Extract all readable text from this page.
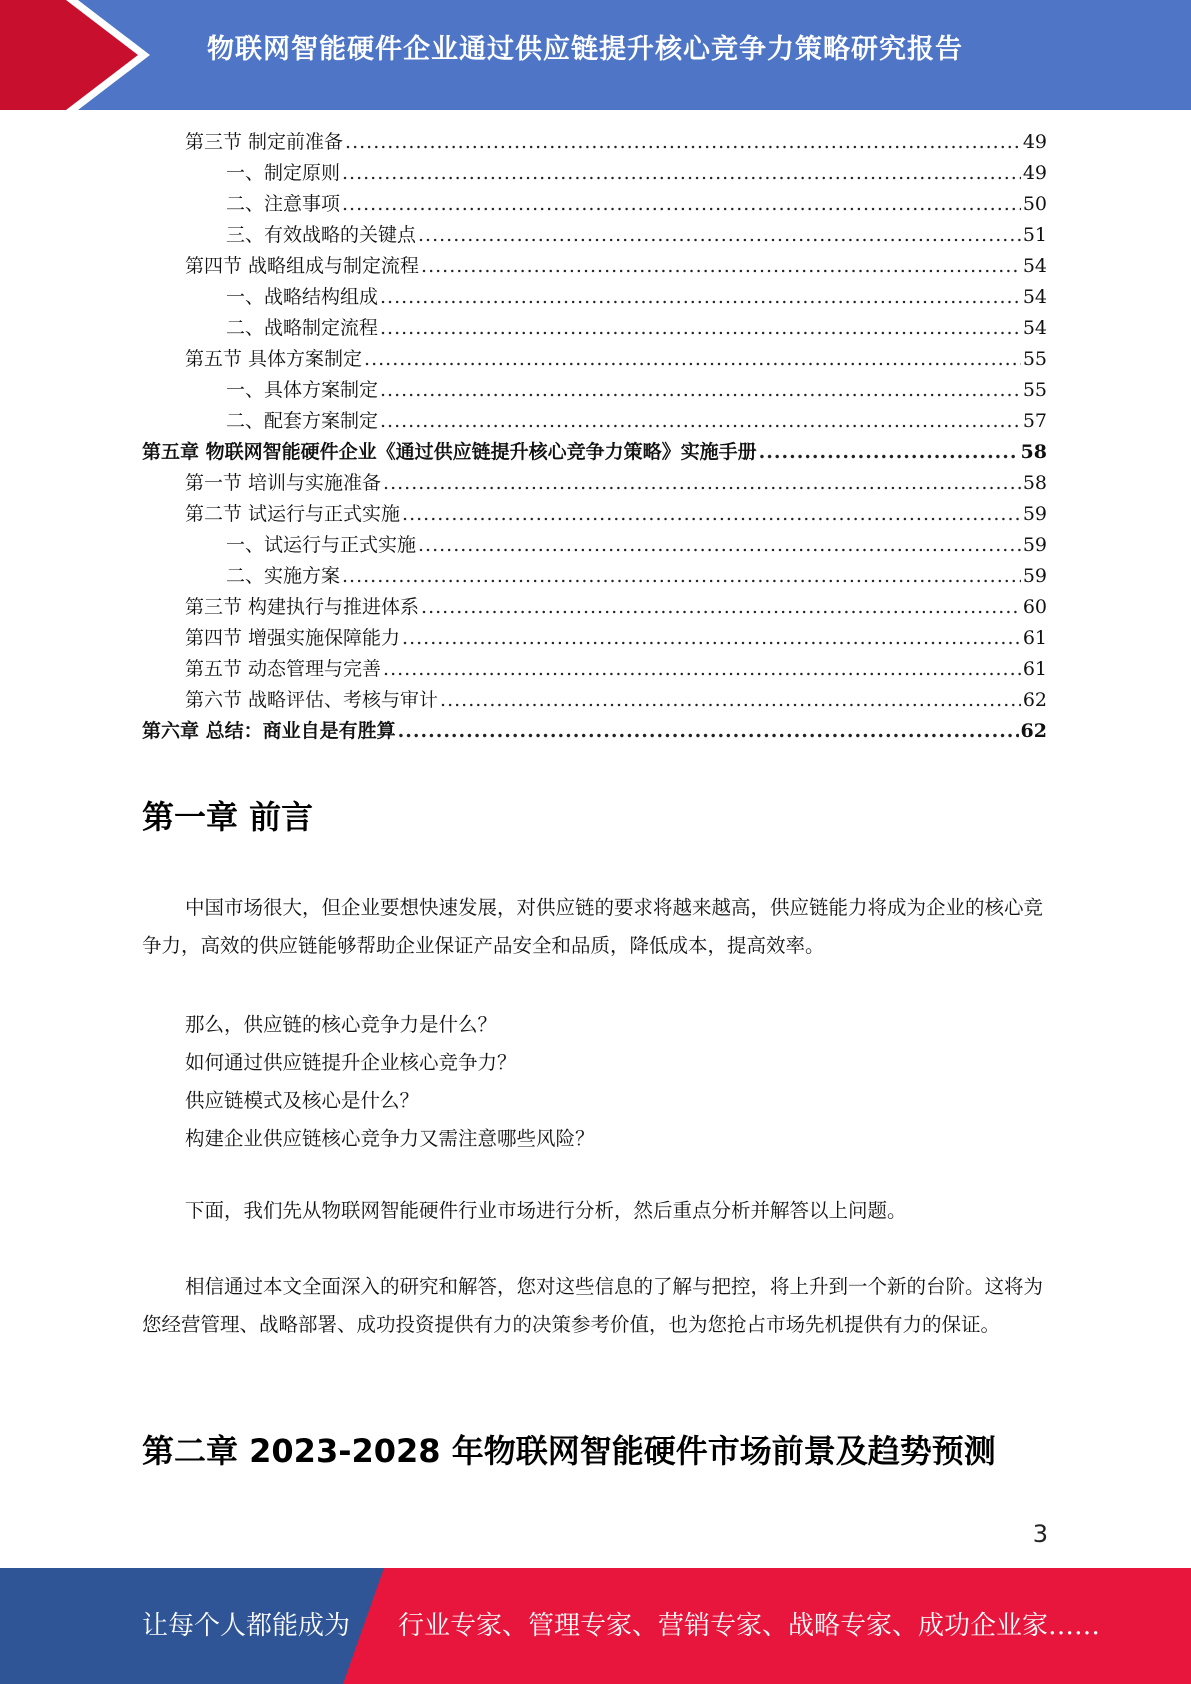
物联网智能硬件企业通过供应链提升核心竞争力策略研究报告
第三节 制定前准备 .....	49
一、制定原则 .....	49
二、注意事项 .....	50
三、有效战略的关键点 .....	51
第四节 战略组成与制定流程 .....	54
一、战略结构组成 .....	54
二、战略制定流程 .....	54
第五节 具体方案制定 .....	55
一、具体方案制定 .....	55
二、配套方案制定 .....	57
第五章 物联网智能硬件企业《通过供应链提升核心竞争力策略》实施手册 .....	58
第一节 培训与实施准备 .....	58
第二节 试运行与正式实施 .....	59
一、试运行与正式实施 .....	59
二、实施方案 .....	59
第三节 构建执行与推进体系 .....	60
第四节 增强实施保障能力 .....	61
第五节 动态管理与完善 .....	61
第六节 战略评估、考核与审计 .....	62
第六章 总结：商业自是有胜算 .....	62
第一章 前言

中国市场很大，但企业要想快速发展，对供应链的要求将越来越高，供应链能力将成为企业的核心竞争力，高效的供应链能够帮助企业保证产品安全和品质，降低成本，提高效率。

那么，供应链的核心竞争力是什么？

如何通过供应链提升企业核心竞争力？

供应链模式及核心是什么？

构建企业供应链核心竞争力又需注意哪些风险？

下面，我们先从物联网智能硬件行业市场进行分析，然后重点分析并解答以上问题。

相信通过本文全面深入的研究和解答，您对这些信息的了解与把控，将上升到一个新的台阶。这将为您经营管理、战略部署、成功投资提供有力的决策参考价值，也为您抢占市场先机提供有力的保证。

第二章 2023-2028 年物联网智能硬件市场前景及趋势预测
3
让每个人都能成为 行业专家、管理专家、营销专家、战略专家、成功企业家……
